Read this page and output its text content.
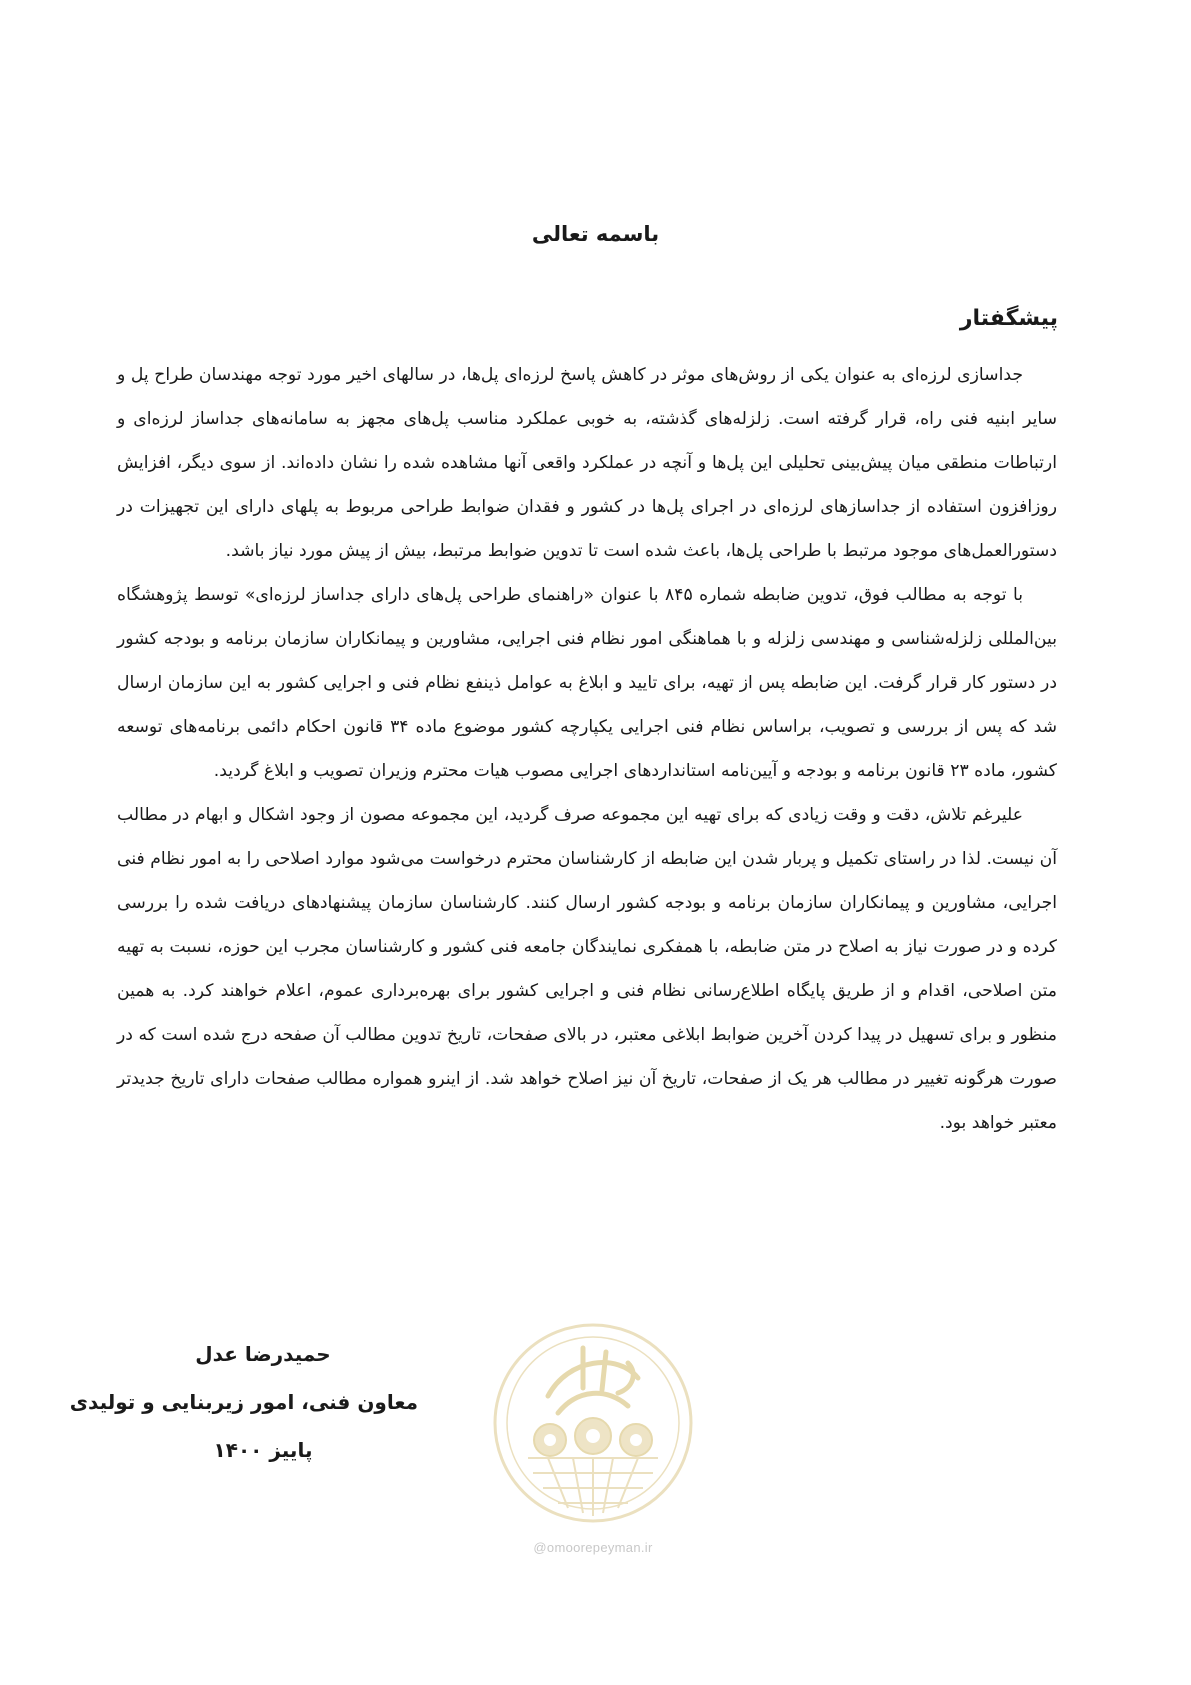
باسمه تعالی
پیشگفتار

جداسازی لرزه‌ای به عنوان یکی از روش‌های موثر در کاهش پاسخ لرزه‌ای پل‌ها، در سالهای اخیر مورد توجه مهندسان طراح پل و سایر ابنیه فنی راه، قرار گرفته است. زلزله‌های گذشته، به خوبی عملکرد مناسب پل‌های مجهز به سامانه‌های جداساز لرزه‌ای و ارتباطات منطقی میان پیش‌بینی تحلیلی این پل‌ها و آنچه در عملکرد واقعی آنها مشاهده شده را نشان داده‌اند. از سوی دیگر، افزایش روزافزون استفاده از جداسازهای لرزه‌ای در اجرای پل‌ها در کشور و فقدان ضوابط طراحی مربوط به پلهای دارای این تجهیزات در دستورالعمل‌های موجود مرتبط با طراحی پل‌ها، باعث شده است تا تدوین ضوابط مرتبط، بیش از پیش مورد نیاز باشد.

با توجه به مطالب فوق، تدوین ضابطه شماره ۸۴۵ با عنوان «راهنمای طراحی پل‌های دارای جداساز لرزه‌ای» توسط پژوهشگاه بین‌المللی زلزله‌شناسی و مهندسی زلزله و با هماهنگی امور نظام فنی اجرایی، مشاورین و پیمانکاران سازمان برنامه و بودجه کشور در دستور کار قرار گرفت. این ضابطه پس از تهیه، برای تایید و ابلاغ به عوامل ذینفع نظام فنی و اجرایی کشور به این سازمان ارسال شد که پس از بررسی و تصویب، براساس نظام فنی اجرایی یکپارچه کشور موضوع ماده ۳۴ قانون احکام دائمی برنامه‌های توسعه کشور، ماده ۲۳ قانون برنامه و بودجه و آیین‌نامه استانداردهای اجرایی مصوب هیات محترم وزیران تصویب و ابلاغ گردید.

علیرغم تلاش، دقت و وقت زیادی که برای تهیه این مجموعه صرف گردید، این مجموعه مصون از وجود اشکال و ابهام در مطالب آن نیست. لذا در راستای تکمیل و پربار شدن این ضابطه از کارشناسان محترم درخواست می‌شود موارد اصلاحی را به امور نظام فنی اجرایی، مشاورین و پیمانکاران سازمان برنامه و بودجه کشور ارسال کنند. کارشناسان سازمان پیشنهادهای دریافت شده را بررسی کرده و در صورت نیاز به اصلاح در متن ضابطه، با همفکری نمایندگان جامعه فنی کشور و کارشناسان مجرب این حوزه، نسبت به تهیه متن اصلاحی، اقدام و از طریق پایگاه اطلاع‌رسانی نظام فنی و اجرایی کشور برای بهره‌برداری عموم، اعلام خواهند کرد. به همین منظور و برای تسهیل در پیدا کردن آخرین ضوابط ابلاغی معتبر، در بالای صفحات، تاریخ تدوین مطالب آن صفحه درج شده است که در صورت هرگونه تغییر در مطالب هر یک از صفحات، تاریخ آن نیز اصلاح خواهد شد. از اینرو همواره مطالب صفحات دارای تاریخ جدیدتر معتبر خواهد بود.

حمیدرضا عدل
معاون فنی، امور زیربنایی و تولیدی
پاییز ۱۴۰۰
@omoorepeyman.ir
